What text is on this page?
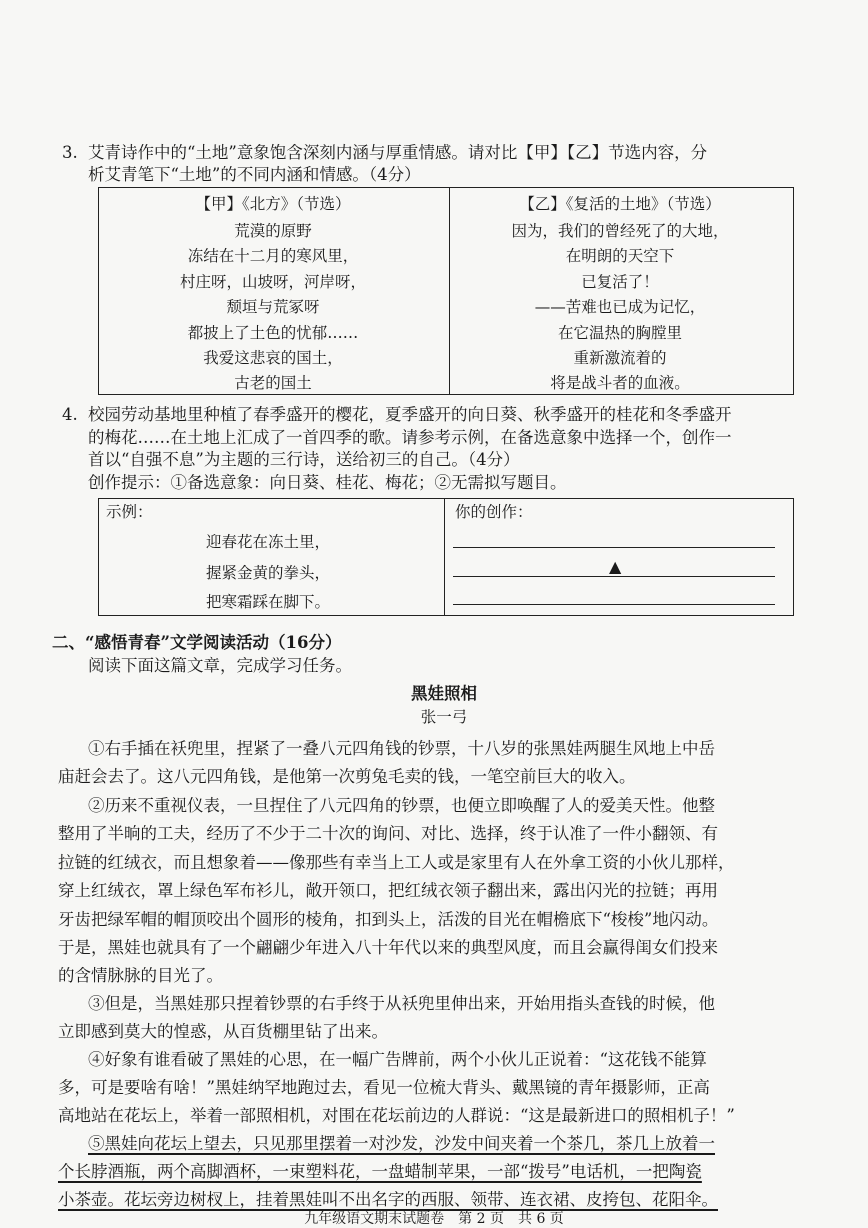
3. 艾青诗作中的“土地”意象饱含深刻内涵与厚重情感。请对比【甲】【乙】节选内容，分
析艾青笔下“土地”的不同内涵和情感。（4分）
【甲】《北方》（节选）
荒漠的原野
冻结在十二月的寒风里，
村庄呀，山坡呀，河岸呀，
颓垣与荒冢呀
都披上了土色的忧郁……
我爱这悲哀的国土，
古老的国土
【乙】《复活的土地》（节选）
因为，我们的曾经死了的大地，
在明朗的天空下
已复活了！
——苦难也已成为记忆，
在它温热的胸膛里
重新激流着的
将是战斗者的血液。
4. 校园劳动基地里种植了春季盛开的樱花，夏季盛开的向日葵、秋季盛开的桂花和冬季盛开
的梅花……在土地上汇成了一首四季的歌。请参考示例，在备选意象中选择一个，创作一
首以“自强不息”为主题的三行诗，送给初三的自己。（4分）
创作提示：①备选意象：向日葵、桂花、梅花；②无需拟写题目。
示例：
迎春花在冻土里，
握紧金黄的拳头，
把寒霜踩在脚下。
你的创作：
▲
二、“感悟青春”文学阅读活动（16分）
阅读下面这篇文章，完成学习任务。
黑娃照相
张一弓
①右手插在袄兜里，捏紧了一叠八元四角钱的钞票，十八岁的张黑娃两腿生风地上中岳
庙赶会去了。这八元四角钱，是他第一次剪兔毛卖的钱，一笔空前巨大的收入。
②历来不重视仪表，一旦捏住了八元四角的钞票，也便立即唤醒了人的爱美天性。他整
整用了半晌的工夫，经历了不少于二十次的询问、对比、选择，终于认准了一件小翻领、有
拉链的红绒衣，而且想象着——像那些有幸当上工人或是家里有人在外拿工资的小伙儿那样，
穿上红绒衣，罩上绿色军布衫儿，敞开领口，把红绒衣领子翻出来，露出闪光的拉链；再用
牙齿把绿军帽的帽顶咬出个圆形的棱角，扣到头上，活泼的目光在帽檐底下“梭梭”地闪动。
于是，黑娃也就具有了一个翩翩少年进入八十年代以来的典型风度，而且会赢得闺女们投来
的含情脉脉的目光了。
③但是，当黑娃那只捏着钞票的右手终于从袄兜里伸出来，开始用指头查钱的时候，他
立即感到莫大的惶惑，从百货棚里钻了出来。
④好象有谁看破了黑娃的心思，在一幅广告牌前，两个小伙儿正说着：“这花钱不能算
多，可是要啥有啥！”黑娃纳罕地跑过去，看见一位梳大背头、戴黑镜的青年摄影师，正高
高地站在花坛上，举着一部照相机，对围在花坛前边的人群说：“这是最新进口的照相机子！”
⑤黑娃向花坛上望去，只见那里摆着一对沙发，沙发中间夹着一个茶几，茶几上放着一
个长脖酒瓶，两个高脚酒杯，一束塑料花，一盘蜡制苹果，一部“拨号”电话机，一把陶瓷
小茶壶。花坛旁边树杈上，挂着黑娃叫不出名字的西服、领带、连衣裙、皮挎包、花阳伞。
九年级语文期末试题卷　第 2 页　共 6 页
